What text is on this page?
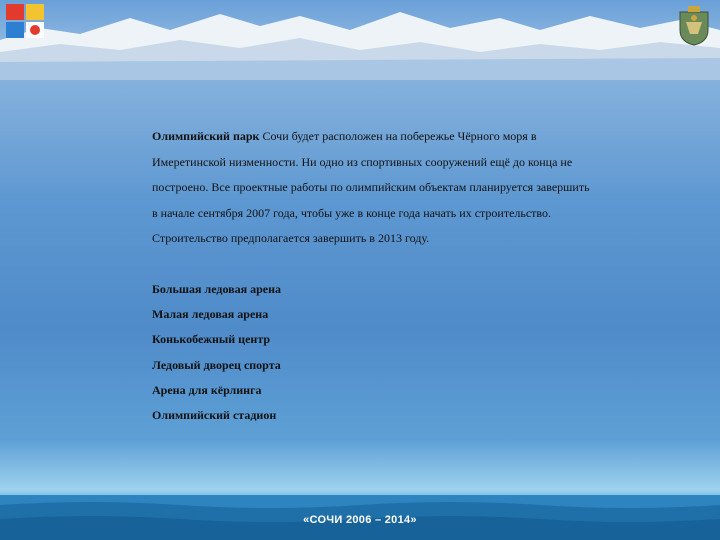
Олимпийский парк Сочи будет расположен на побережье Чёрного моря в Имеретинской низменности. Ни одно из спортивных сооружений ещё до конца не построено. Все проектные работы по олимпийским объектам планируется завершить в начале сентября 2007 года, чтобы уже в конце года начать их строительство.

Строительство предполагается завершить в 2013 году.

Большая ледовая арена
Малая ледовая арена
Конькобежный центр
Ледовый дворец спорта
Арена для кёрлинга
Олимпийский стадион
«СОЧИ 2006 – 2014»
